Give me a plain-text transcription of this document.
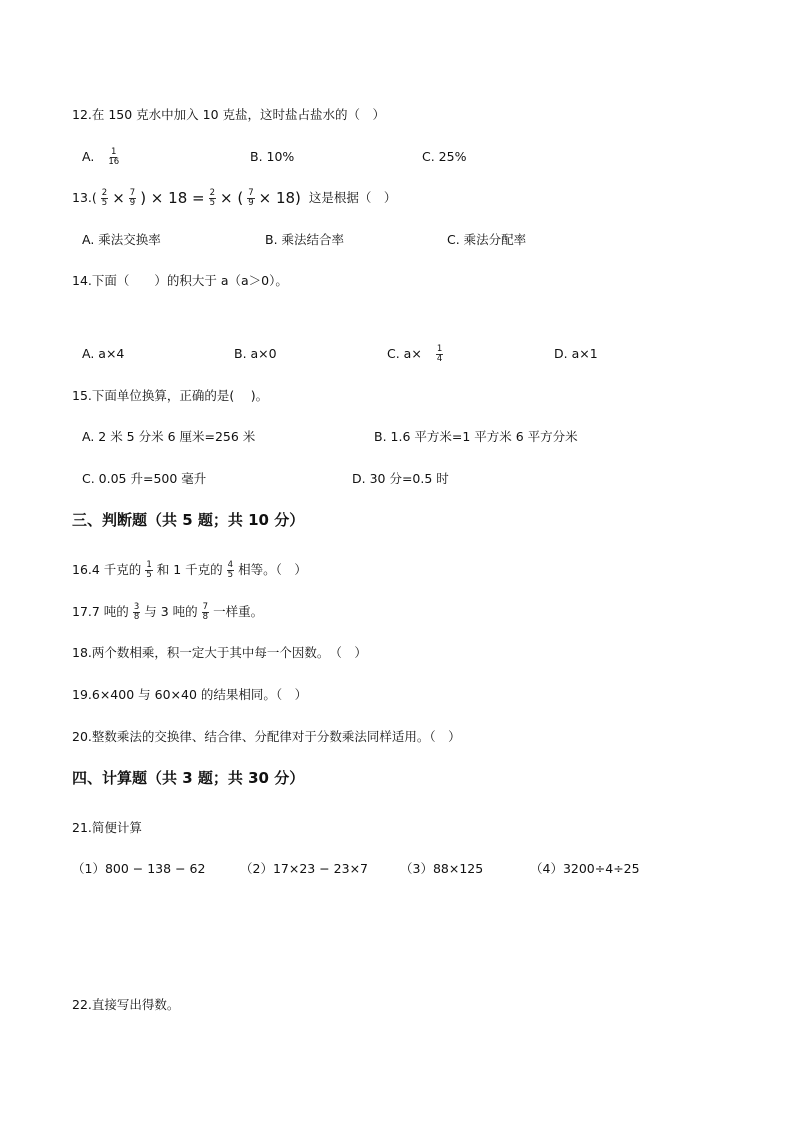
12.在 150 克水中加入 10 克盐，这时盐占盐水的（　）
A. $\frac{1}{16}$	B. 10%	C. 25%
$13.( \frac{2}{5} \times \frac{7}{9}$ ) × $18 = \frac{2}{5}$ × ( $\frac{7}{9} \times 18$) 这是根据（　）
A. 乘法交换率	B. 乘法结合率	C. 乘法分配率
14.下面（　　）的积大于 a（a＞0）。
A. a×4	B. a×0	C. $a\times \frac{1}{4}$	D. a×1
15.下面单位换算，正确的是(　 )。
A. 2 米 5 分米 6 厘米=256 米	B. 1.6 平方米=1 平方米 6 平方分米
C. 0.05 升=500 毫升	D. 30 分=0.5 时
三、判断题（共 5 题；共 10 分）
16.4 千克的 $\frac{1}{5}$ 和 1 千克的 $\frac{4}{5}$ 相等。（　）
17.7 吨的 $\frac{3}{8}$ 与 3 吨的 $\frac{7}{8}$ 一样重。
18.两个数相乘，积一定大于其中每一个因数。　（　）
19.6×400 与 60×40 的结果相同。（　）
20.整数乘法的交换律、结合律、分配律对于分数乘法同样适用。（　）
四、计算题（共 3 题；共 30 分）
21.简便计算
（1）800 − 138 − 62	（2）17×23 − 23×7	（3）88×125	（4）3200÷4÷25
22.直接写出得数。
